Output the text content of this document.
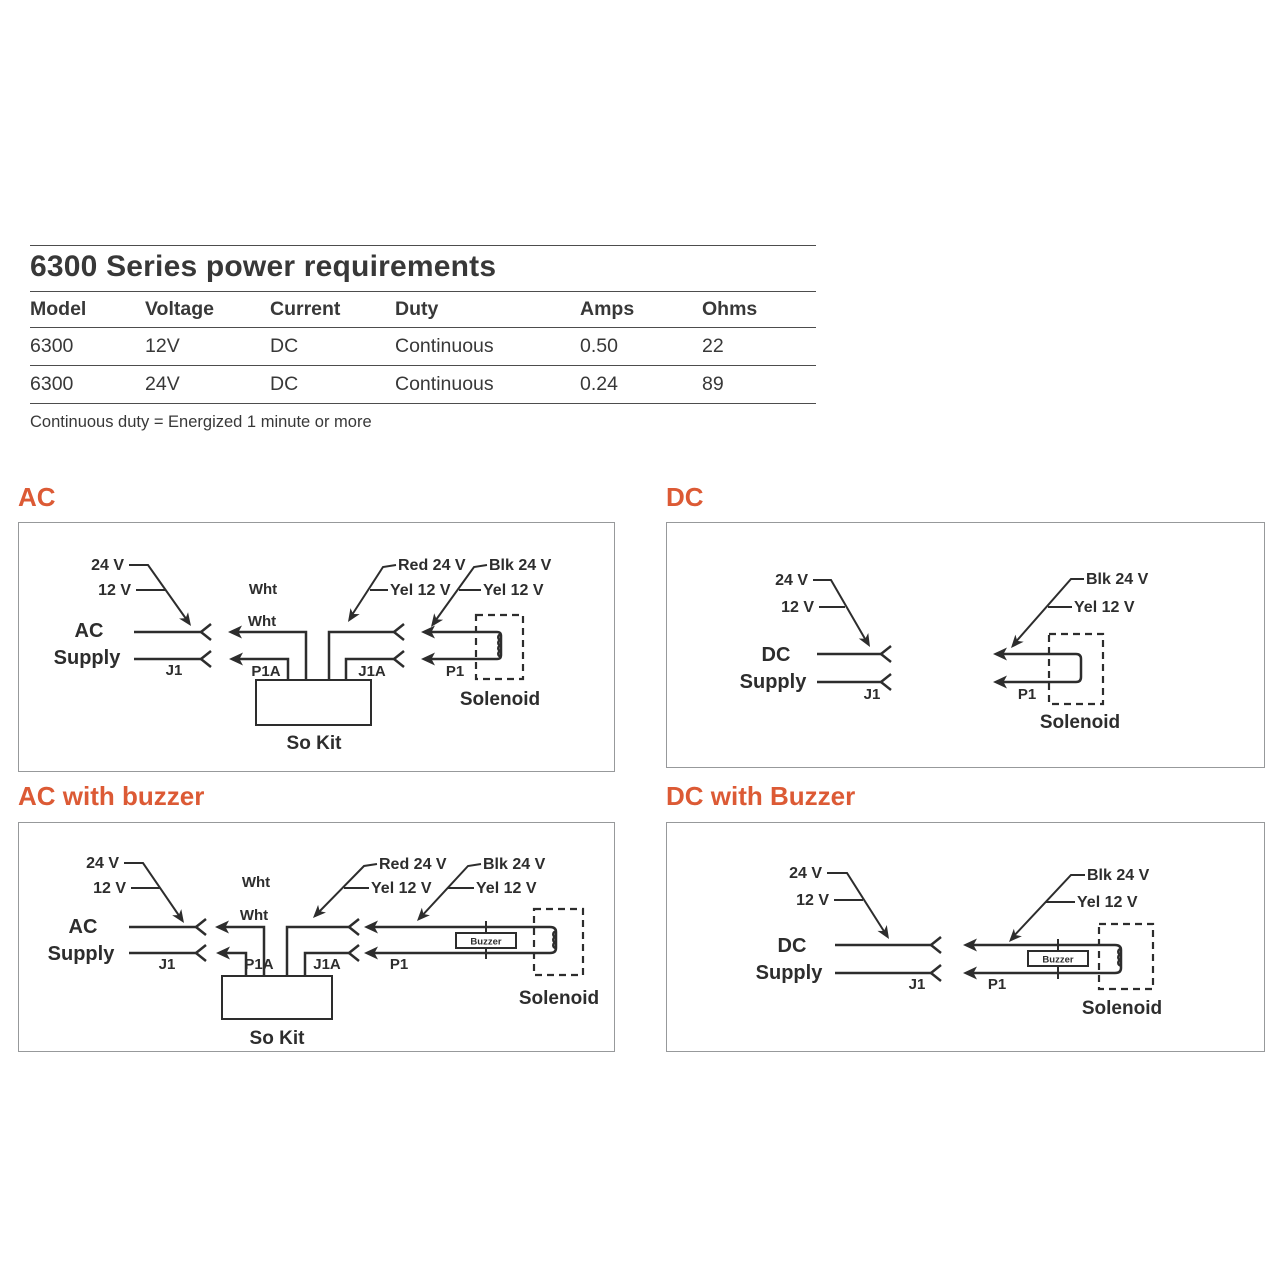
6300 Series power requirements
Model	Voltage	Current	Duty	Amps	Ohms
6300	12V	DC	Continuous	0.50	22
6300	24V	DC	Continuous	0.24	89
Continuous duty = Energized 1 minute or more
AC
24 V
12 V
AC
Supply
J1
Wht
Wht
P1A	J1A
So Kit
Red 24 V
Yel 12 V
Blk 24 V
Yel 12 V
P1
Solenoid
DC
24 V
12 V
DC
Supply
J1
Blk 24 V
Yel 12 V
P1
Solenoid
AC with buzzer
24 V
12 V
AC
Supply	J1
Wht
Wht
P1A
So Kit
J1A
Red 24 V
Yel 12 V
Blk 24 V
Yel 12 V
Buzzer
P1
Solenoid
DC with Buzzer
24 V
12 V
DC
Supply
J1
Blk 24 V
Yel 12 V
Buzzer
P1
Solenoid
